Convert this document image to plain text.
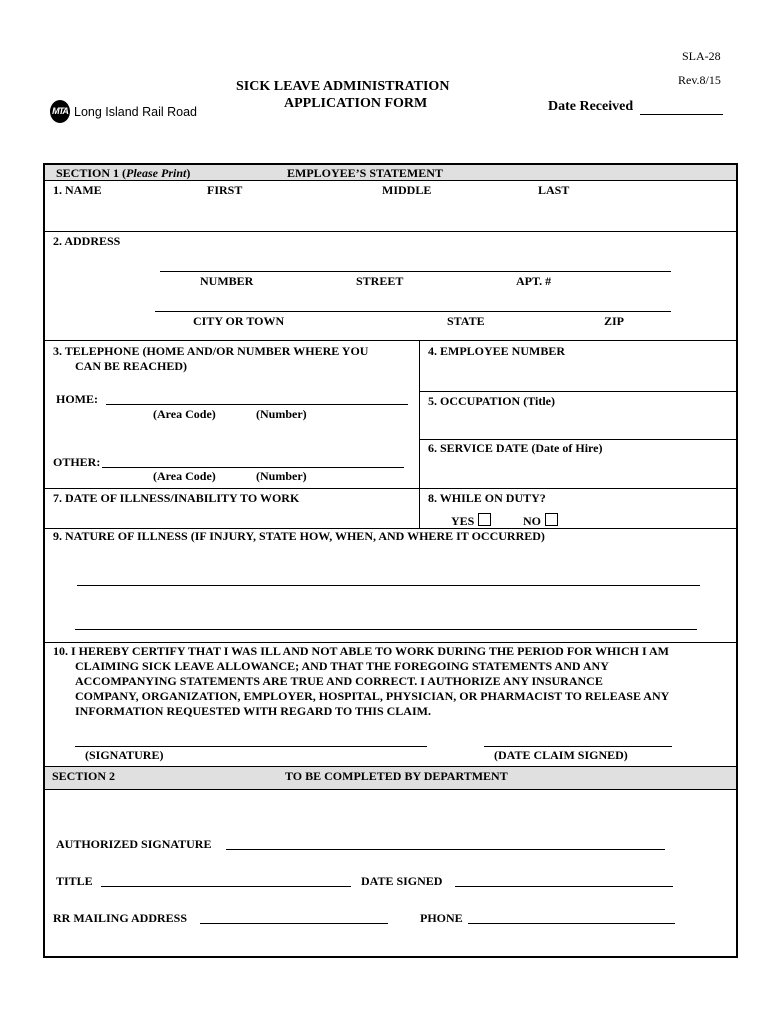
SLA-28
Rev.8/15
SICK LEAVE ADMINISTRATION
APPLICATION FORM	Date Received
MTA Long Island Rail Road
SECTION 1 (Please Print)	EMPLOYEE’S STATEMENT
1. NAME	FIRST	MIDDLE	LAST
2. ADDRESS
NUMBER	STREET	APT. #
CITY OR TOWN	STATE	ZIP
3. TELEPHONE (HOME AND/OR NUMBER WHERE YOU
CAN BE REACHED)
HOME:
(Area Code)	(Number)
OTHER:
(Area Code)	(Number)
4. EMPLOYEE NUMBER
5. OCCUPATION (Title)
6. SERVICE DATE (Date of Hire)
7. DATE OF ILLNESS/INABILITY TO WORK	8. WHILE ON DUTY?
YES	NO
9. NATURE OF ILLNESS (IF INJURY, STATE HOW, WHEN, AND WHERE IT OCCURRED)
10. I HEREBY CERTIFY THAT I WAS ILL AND NOT ABLE TO WORK DURING THE PERIOD FOR WHICH I AM
CLAIMING SICK LEAVE ALLOWANCE; AND THAT THE FOREGOING STATEMENTS AND ANY
ACCOMPANYING STATEMENTS ARE TRUE AND CORRECT. I AUTHORIZE ANY INSURANCE
COMPANY, ORGANIZATION, EMPLOYER, HOSPITAL, PHYSICIAN, OR PHARMACIST TO RELEASE ANY
INFORMATION REQUESTED WITH REGARD TO THIS CLAIM.
(SIGNATURE)	(DATE CLAIM SIGNED)
SECTION 2	TO BE COMPLETED BY DEPARTMENT
AUTHORIZED SIGNATURE
TITLE	DATE SIGNED
RR MAILING ADDRESS	PHONE
